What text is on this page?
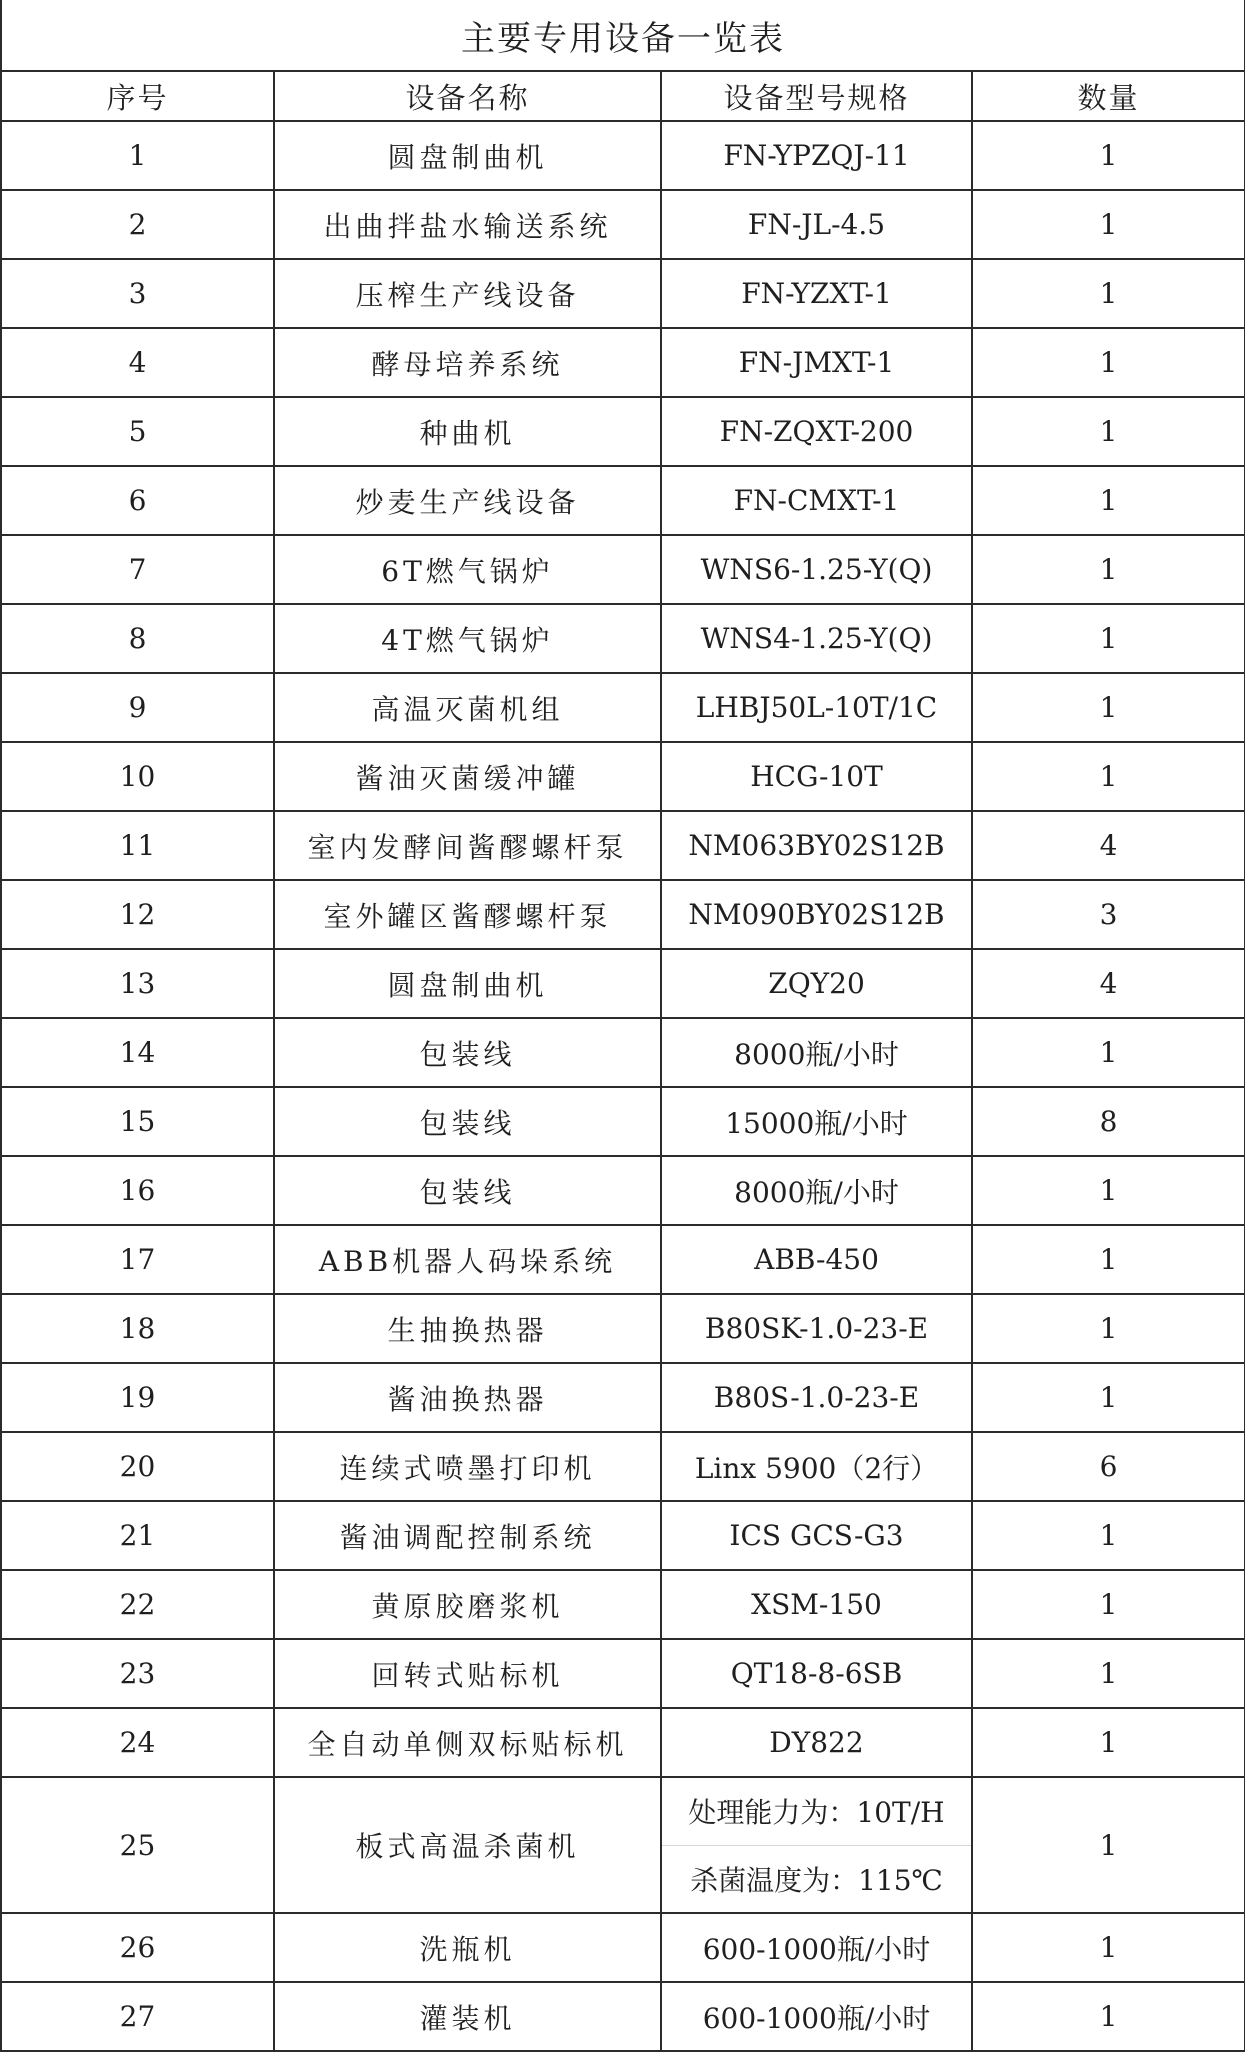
主要专用设备一览表			
序号	设备名称	设备型号规格	数量
1	圆盘制曲机	FN-YPZQJ-11	1
2	出曲拌盐水输送系统	FN-JL-4.5	1
3	压榨生产线设备	FN-YZXT-1	1
4	酵母培养系统	FN-JMXT-1	1
5	种曲机	FN-ZQXT-200	1
6	炒麦生产线设备	FN-CMXT-1	1
7	6T燃气锅炉	WNS6-1.25-Y(Q)	1
8	4T燃气锅炉	WNS4-1.25-Y(Q)	1
9	高温灭菌机组	LHBJ50L-10T/1C	1
10	酱油灭菌缓冲罐	HCG-10T	1
11	室内发酵间酱醪螺杆泵	NM063BY02S12B	4
12	室外罐区酱醪螺杆泵	NM090BY02S12B	3
13	圆盘制曲机	ZQY20	4
14	包装线	8000瓶/小时	1
15	包装线	15000瓶/小时	8
16	包装线	8000瓶/小时	1
17	ABB机器人码垛系统	ABB-450	1
18	生抽换热器	B80SK-1.0-23-E	1
19	酱油换热器	B80S-1.0-23-E	1
20	连续式喷墨打印机	Linx 5900（2行）	6
21	酱油调配控制系统	ICS GCS-G3	1
22	黄原胶磨浆机	XSM-150	1
23	回转式贴标机	QT18-8-6SB	1
24	全自动单侧双标贴标机	DY822	1
25	板式高温杀菌机	处理能力为：10T/H
杀菌温度为：115℃	1
26	洗瓶机	600-1000瓶/小时	1
27	灌装机	600-1000瓶/小时	1
